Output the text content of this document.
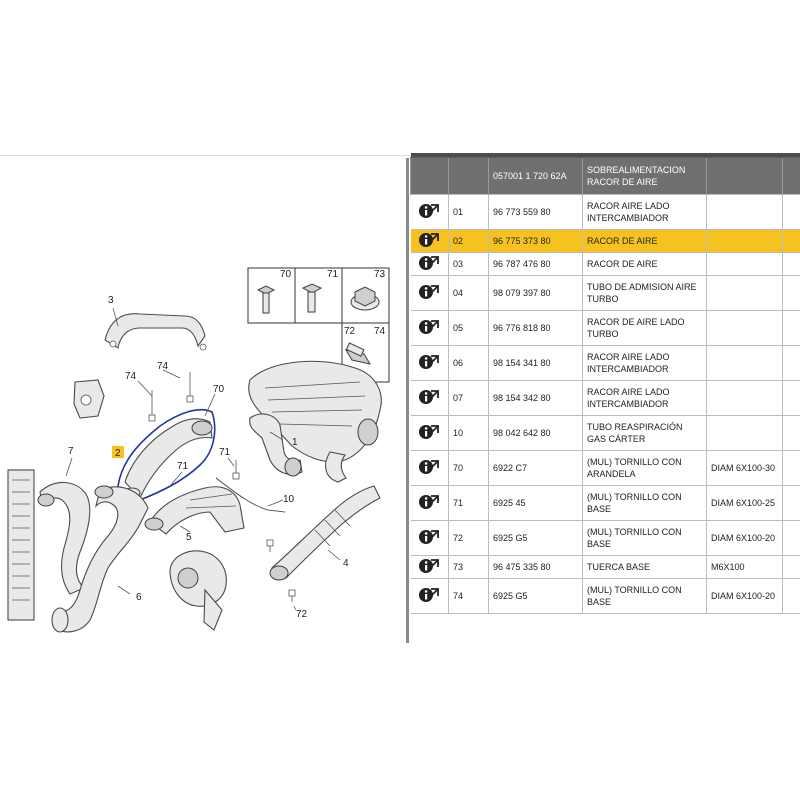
70	71	73
72 74
1
2
3
4
5
6
7
10
70
71
71
72
74
74

		057001 1 720 62A	SOBREALIMENTACION RACOR DE AIRE		
	01	96 773 559 80	RACOR AIRE LADO INTERCAMBIADOR		
	02	96 775 373 80	RACOR DE AIRE		
	03	96 787 476 80	RACOR DE AIRE		
	04	98 079 397 80	TUBO DE ADMISION AIRE TURBO		
	05	96 776 818 80	RACOR DE AIRE LADO TURBO		
	06	98 154 341 80	RACOR AIRE LADO INTERCAMBIADOR		
	07	98 154 342 80	RACOR AIRE LADO INTERCAMBIADOR		
	10	98 042 642 80	TUBO REASPIRACIÓN GAS CÁRTER		
	70	6922 C7	(MUL) TORNILLO CON ARANDELA	DIAM 6X100-30	
	71	6925 45	(MUL) TORNILLO CON BASE	DIAM 6X100-25	
	72	6925 G5	(MUL) TORNILLO CON BASE	DIAM 6X100-20	
	73	96 475 335 80	TUERCA BASE	M6X100	
	74	6925 G5	(MUL) TORNILLO CON BASE	DIAM 6X100-20	
